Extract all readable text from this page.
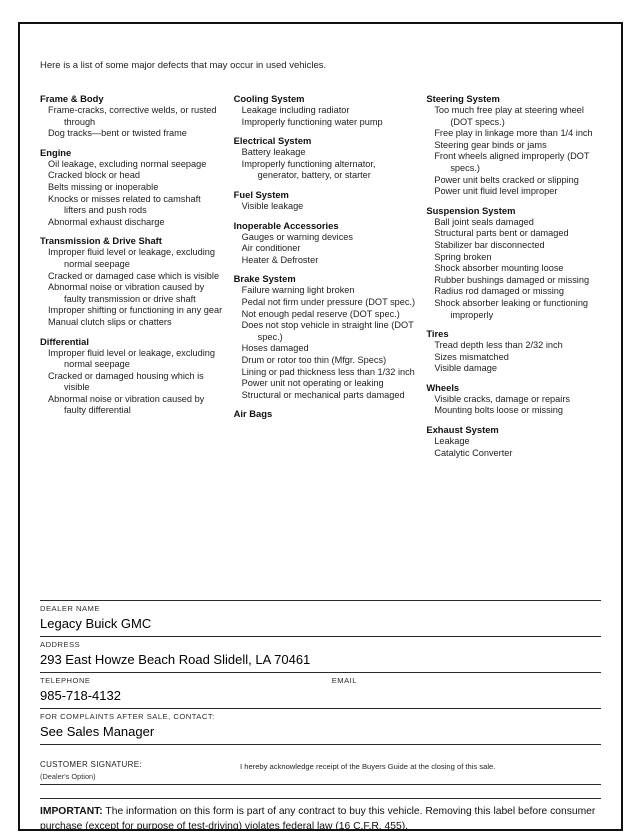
Here is a list of some major defects that may occur in used vehicles.

Frame & Body
Frame-cracks, corrective welds, or rusted through
Dog tracks—bent or twisted frame
Engine
Oil leakage, excluding normal seepage
Cracked block or head
Belts missing or inoperable
Knocks or misses related to camshaft lifters and push rods
Abnormal exhaust discharge
Transmission & Drive Shaft
Improper fluid level or leakage, excluding normal seepage
Cracked or damaged case which is visible
Abnormal noise or vibration caused by faulty transmission or drive shaft
Improper shifting or functioning in any gear
Manual clutch slips or chatters
Differential
Improper fluid level or leakage, excluding normal seepage
Cracked or damaged housing which is visible
Abnormal noise or vibration caused by faulty differential
Cooling System
Leakage including radiator
Improperly functioning water pump
Electrical System
Battery leakage
Improperly functioning alternator, generator, battery, or starter
Fuel System
Visible leakage
Inoperable Accessories
Gauges or warning devices
Air conditioner
Heater & Defroster
Brake System
Failure warning light broken
Pedal not firm under pressure (DOT spec.)
Not enough pedal reserve (DOT spec.)
Does not stop vehicle in straight line (DOT spec.)
Hoses damaged
Drum or rotor too thin (Mfgr. Specs)
Lining or pad thickness less than 1/32 inch
Power unit not operating or leaking
Structural or mechanical parts damaged
Air Bags
Steering System
Too much free play at steering wheel (DOT specs.)
Free play in linkage more than 1/4 inch
Steering gear binds or jams
Front wheels aligned improperly (DOT specs.)
Power unit belts cracked or slipping
Power unit fluid level improper
Suspension System
Ball joint seals damaged
Structural parts bent or damaged
Stabilizer bar disconnected
Spring broken
Shock absorber mounting loose
Rubber bushings damaged or missing
Radius rod damaged or missing
Shock absorber leaking or functioning improperly
Tires
Tread depth less than 2/32 inch
Sizes mismatched
Visible damage
Wheels
Visible cracks, damage or repairs
Mounting bolts loose or missing
Exhaust System
Leakage
Catalytic Converter
DEALER NAME
Legacy Buick GMC
ADDRESS
293 East Howze Beach Road Slidell, LA 70461
TELEPHONE	EMAIL
985-718-4132
FOR COMPLAINTS AFTER SALE, CONTACT:
See Sales Manager
CUSTOMER SIGNATURE:
(Dealer's Option)
I hereby acknowledge receipt of the Buyers Guide at the closing of this sale.
IMPORTANT: The information on this form is part of any contract to buy this vehicle. Removing this label before consumer purchase (except for purpose of test-driving) violates federal law (16 C.F.R. 455).
